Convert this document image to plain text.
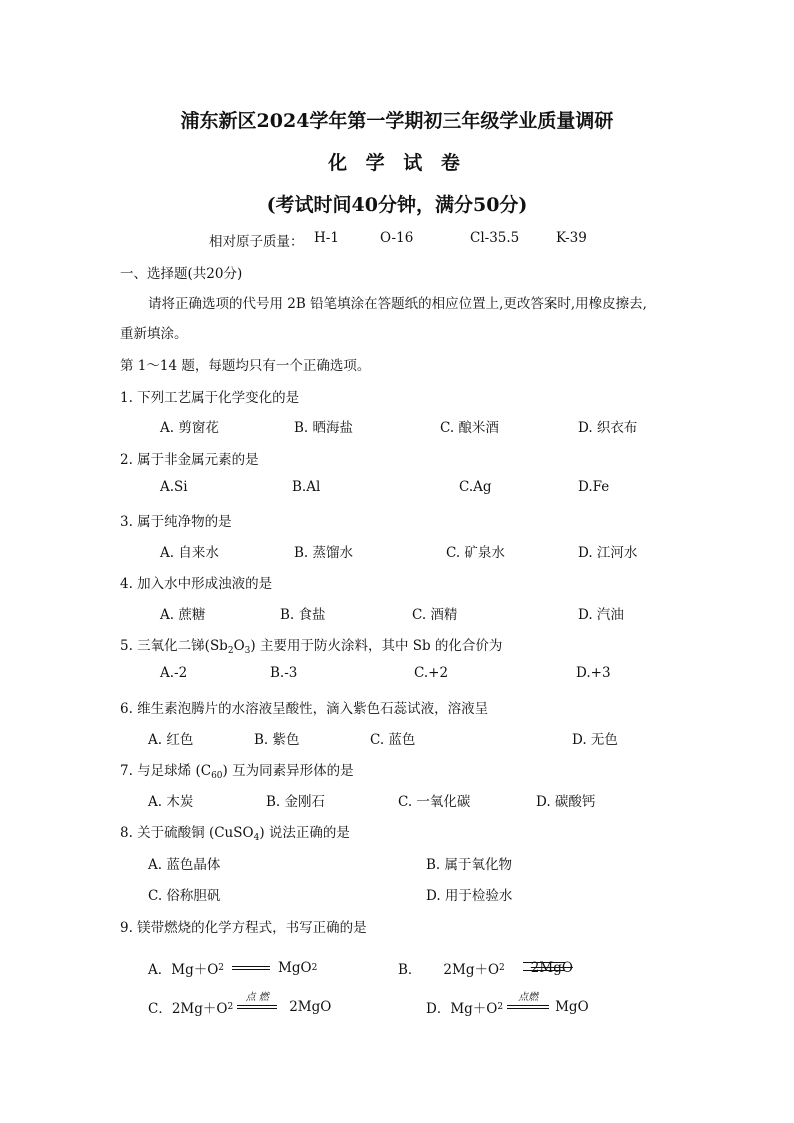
浦东新区2024学年第一学期初三年级学业质量调研
化 学 试 卷
(考试时间40分钟，满分50分)
相对原子质量： H-1	O-16	Cl-35.5	K-39
一、选择题(共20分)
请将正确选项的代号用 2B 铅笔填涂在答题纸的相应位置上,更改答案时,用橡皮擦去,
重新填涂。
第 1～14 题，每题均只有一个正确选项。
1. 下列工艺属于化学变化的是
A. 剪窗花	B. 晒海盐	C. 酿米酒	D. 织衣布
2. 属于非金属元素的是
A.Si	B.Al	C.Ag	D.Fe
3. 属于纯净物的是
A. 自来水	B. 蒸馏水	C. 矿泉水	D. 江河水
4. 加入水中形成浊液的是
A. 蔗糖	B. 食盐	C. 酒精	D. 汽油
5. 三氧化二锑$(Sb_2O_3)$ 主要用于防火涂料，其中 Sb 的化合价为
A.-2	B.-3	C.+2	D.+3
6. 维生素泡腾片的水溶液呈酸性，滴入紫色石蕊试液，溶液呈
A. 红色	B. 紫色	C. 蓝色	D. 无色
7. 与足球烯 $(C_{60})$ 互为同素异形体的是
A. 木炭	B. 金刚石	C. 一氧化碳	D. 碳酸钙
8. 关于硫酸铜 (CuSO$_4$) 说法正确的是
A. 蓝色晶体	B. 属于氧化物
C. 俗称胆矾	D. 用于检验水
9. 镁带燃烧的化学方程式，书写正确的是
A． Mg＋O 2	MgO 2	B． 2Mg＋O 2 2MgO
C． 2Mg＋O 2
点 燃
2MgO	D． Mg＋O 2
点燃
MgO
